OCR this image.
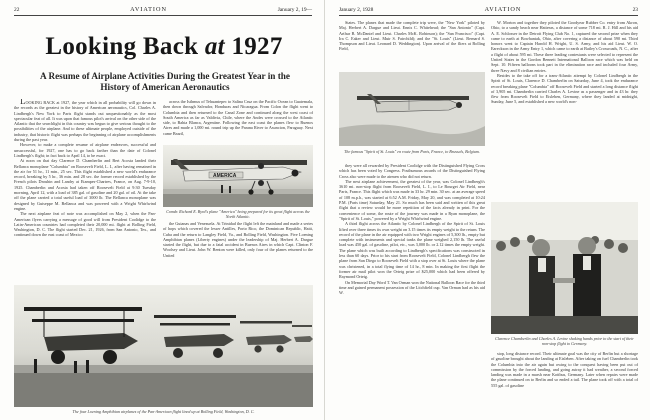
22	AVIATION	January 2, 19—
Looking Back at 1927
A Resume of Airplane Activities During the Greatest Year in the History of American Aeronautics
LOOKING BACK at 1927, the year which in all probability will go down in the records as the greatest in the history of American aeronautics, Col. Charles A. Lindbergh's New York to Paris flight stands out unquestionably as the most spectacular feat of all. It was upon that famous pilot's arrival on the other side of the Atlantic that the searchlight in this country was begun to give serious thought to the possibilities of the airplane. And to these ultimate people, employed outside of the industry, that historic flight was perhaps the beginning of airplane accomplishments during the past year.
However, to make a complete resume of airplane endeavors, successful and unsuccessful, for 1927, one has to go back farther than the date of Colonel Lindbergh's flight; in fact back to April 14, to be exact.
At noon on that day Clarence D. Chamberlin and Bert Acosta landed their Bellanca monoplane "Columbia" on Roosevelt Field, L. I., after having remained in the air for 51 hr., 11 min., 25 sec. This flight established a new world's endurance record, breaking by 5 hr., 36 min. and 28 sec. the former record established by the French pilots Drouhin and Landry at Etampes-Chartres, France, on Aug. 7-9-10, 1925. Chamberlin and Acosta had taken off Roosevelt Field at 9:30 Tuesday morning, April 12, with a load of 385 gal. of gasoline and 20 gal. of oil. At the take off the plane carried a total useful load of 3000 lb. The Bellanca monoplane was designed by Guiseppe M. Bellanca and was powered with a Wright Whirlwind engine.
The next airplane feat of note was accomplished on May 2, when the Pan-American flyers carrying a message of good will from President Coolidge to the Latin-American countries had completed their 20,000 mi. flight at Bolling Field, Washington, D. C. The flight started Dec. 21, 1926, from San Antonio, Tex., and continued down the east coast of Mexico
across the Isthmus of Tehuantepec to Salina Cruz on the Pacific Ocean to Guatemala, then down through Salvador, Honduras and Nicaragua. From Colon the flight went to Columbia and then returned to the Canal Zone and continued along the west coast of South America as far as Valdivia, Chile, where the Andes were crossed to the Atlantic side, to Bahia Blanca, Argentine. Following the east coast the planes flew to Buenos Aires and made a 1,000 mi. round trip up the Parana River to Asuncion, Paraguay. Next came Brazil,
AMERICA
Comdr. Richard E. Byrd's plane "America" being prepared for its great flight across the North Atlantic.
the Guianas and Venezuela. At Trinidad the flight left the mainland and made a series of hops which covered the lesser Antilles, Porto Rico, the Dominican Republic, Haiti, Cuba and the return to Langley Field, Va., and Bolling Field, Washington. Five Loening Amphibian planes (Liberty engines) under the leadership of Maj. Herbert A. Dargue started the flight, but due to a fatal accident in Buenos Aires in which Capt. Clinton F. Woolsey and Lieut. John W. Benton were killed, only four of the planes returned to the United
The four Loening Amphibian airplanes of the Pan-American flight lined up at Bolling Field, Washington, D. C.
January 2, 1928	AVIATION	23
States. The planes that made the complete trip were, the "New York" piloted by Maj. Herbert A. Dargue and Lieut. Ennis C. Whitehead; the "San Antonio" (Capt. Arthur B. McDaniel and Lieut. Charles McK. Robinson); the "San Francisco" (Capt. Ira C. Eaker and Lieut. Muir S. Fairchild); and the "St. Louis" (Lieut. Bernard S. Thompson and Lieut. Leonard D. Weddington). Upon arrival of the fliers at Bolling Field,
The famous "Spirit of St. Louis" en route from Paris, France, to Brussels, Belgium.
they were all rewarded by President Coolidge with the Distinguished Flying Cross which has been voted by Congress. Posthumous awards of the Distinguished Flying Cross also were made to the airmen who did not return.
The next airplane achievement, the greatest of the year, was Colonel Lindbergh's 3610 mi. non-stop flight from Roosevelt Field, L. I., to Le Bourget Air Field, near Paris, France. This flight which was made in 33 hr. 29 min. 30 sec. at an average speed of 108 m.p.h., was started at 6:52 A.M. Friday, May 20, and was completed at 10:24 P.M. (Paris time) Saturday, May 21. So much has been said and written of this great flight that a review would be more repetition of the facts already in print. For the convenience of some, the route of the journey was made in a Ryan monoplane, the "Spirit of St. Louis," powered by a Wright Whirlwind engine.
A third flight across the Atlantic by Colonel Lindbergh of the Spirit of St. Louis lifted over three times its own weight on 3.15 times its empty weight to the return. The record of the plane in the air equipped with two Wright engines of 5,300 lb., empty but complete with instruments and special tanks the plane weighed 2,150 lb. The useful load was 450 gal. of gasoline, pilot, etc., was 3,000 lb. or 2.12 times the empty weight. The plane which was built according to Lindbergh's specifications was constructed in less than 60 days. Prior to his start from Roosevelt Field, Colonel Lindbergh flew the plane from San Diego to Roosevelt Field with a stop over at St. Louis where the plane was christened, in a total flying time of 14 hr., 8 min. In making the first flight the former air mail pilot won the Orteig prize of $25,000 which had been offered by Raymond Orteig.
On Memorial Day Word T. Van Orman won the National Balloon Race for the third time and gained permanent possession of the Litchfield cup. Van Orman had as his aid W.
W. Morton and together they piloted the Goodyear Rubber Co. entry from Akron, Ohio, to a sandy beach near Hatteras, a distance of some 718 mi. R. J. Hill and his aid A. E. Schlosser in the Detroit Flying Club No. 1, captured the second prize when they came to earth at Bowhantak, Ohio, after covering a distance of about 590 mi. Third honors went to Captain Harold H. Wright, U. S. Army, and his aid Lieut. W. O. Eareckson in the Army Entry 1, which came to earth at Bailey's Crossroads, N. C., after a flight of about 595 mi. These three leading contestants were selected to represent the United States in the Gordon Bennett International Balloon race which was held on Sept. 10. Fifteen balloons took part in the elimination race and included four Army, three Navy and 8 civilian entries.
Besides to the take off for a trans-Atlantic attempt by Colonel Lindbergh in the Spirit of St. Louis, Clarence D. Chamberlin on Saturday, June 4, took the endurance record breaking plane "Columbia" off Roosevelt Field and started a long distance flight of 3,905 mi. Chamberlin carried Charles A. Levine as a passenger and in 43 hr. they flew from Roosevelt Field to Eisleben, Germany, where they landed at midnight, Sunday, June 5, and established a new world's non-
Clarence Chamberlin and Charles A. Levine shaking hands prior to the start of their non-stop flight to Germany.
stop, long distance record. Their ultimate goal was the city of Berlin but a shortage of gasoline brought about the landing at Eisleben. After taking on fuel Chamberlin took the Columbia into the air again but owing to the conquest having been put out of commission by the forced landing, and going astray it had weather, a second forced landing was made in a marsh near Kottbus, Germany. Later when repairs were made the plane continued on to Berlin and so ended a tail. The plane took off with a total of 555 gal. of gasoline
